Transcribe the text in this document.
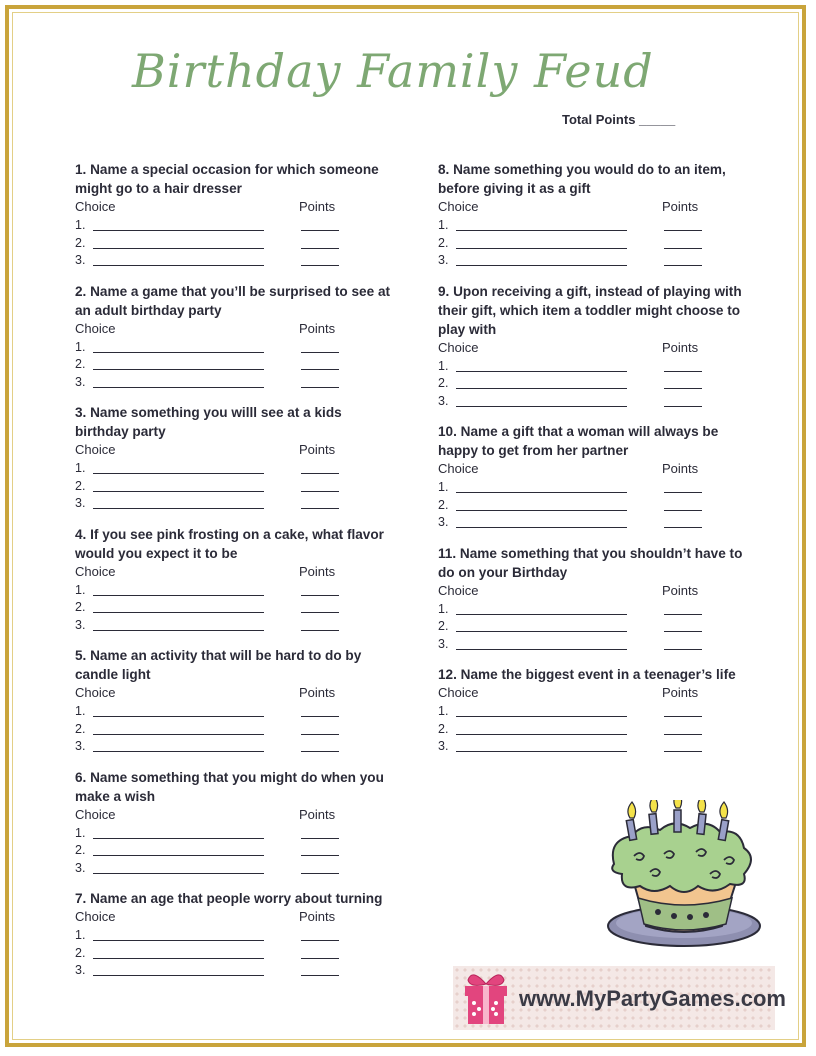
Birthday Family Feud
Total Points _____
1. Name a special occasion for which someone might go to a hair dresser
Choice	Points
1.
2.
3.
2. Name a game that you’ll be surprised to see at an adult birthday party
Choice	Points
1.
2.
3.
3. Name something you willl see at a kids birthday party
Choice	Points
1.
2.
3.
4. If you see pink frosting on a cake, what flavor would you expect it to be
Choice	Points
1.
2.
3.
5. Name an activity that will be hard to do by candle light
Choice	Points
1.
2.
3.
6. Name something that you might do when you make a wish
Choice	Points
1.
2.
3.
7. Name an age that people worry about turning
Choice	Points
1.
2.
3.
8. Name something you would do to an item, before giving it as a gift
Choice	Points
1.
2.
3.
9. Upon receiving a gift, instead of playing with their gift, which item a toddler might choose to play with
Choice	Points
1.
2.
3.
10. Name a gift that a woman will always be happy to get from her partner
Choice	Points
1.
2.
3.
11. Name something that you shouldn’t have to do on your Birthday
Choice	Points
1.
2.
3.
12. Name the biggest event in a teenager’s life
Choice	Points
1.
2.
3.
www.MyPartyGames.com
